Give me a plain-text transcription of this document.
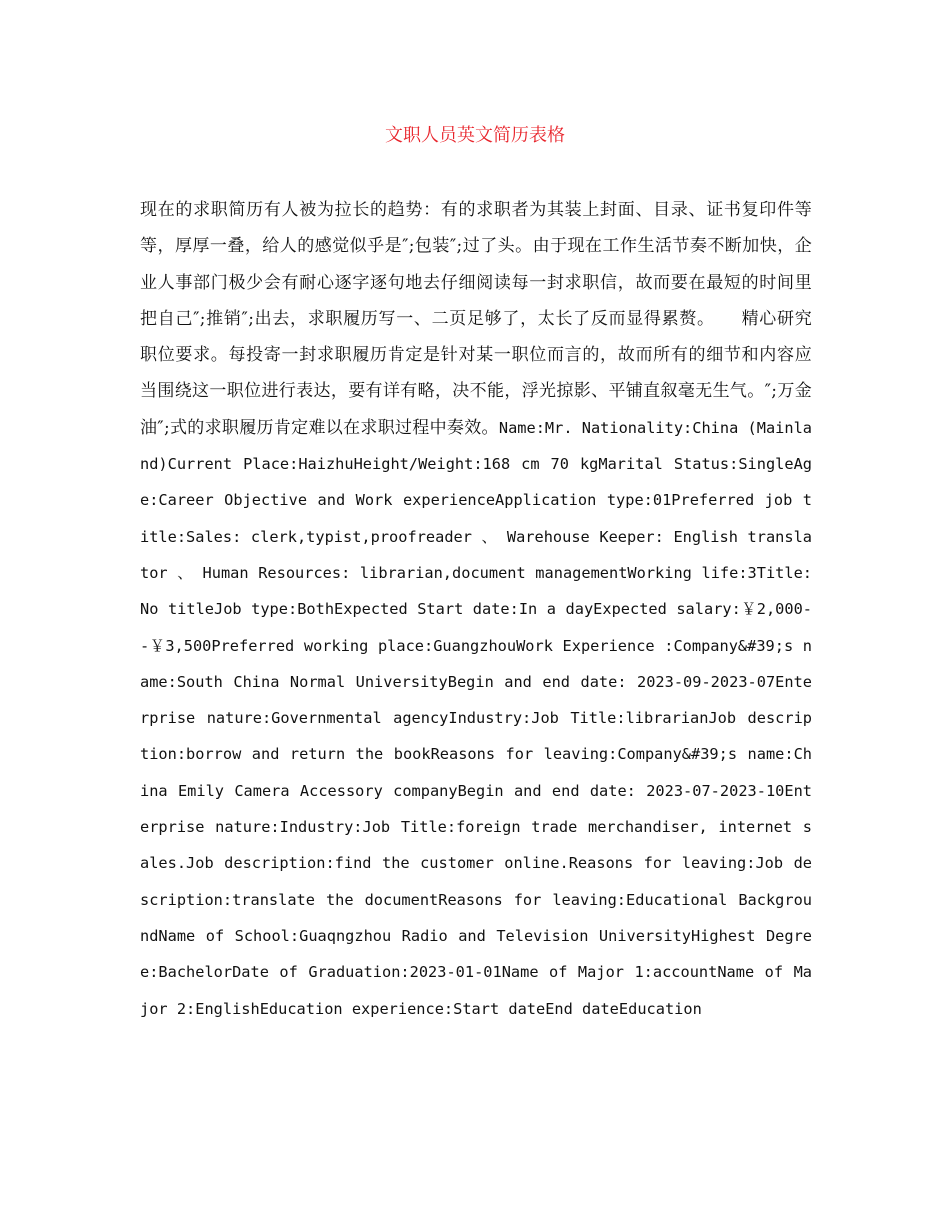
文职人员英文简历表格

现在的求职简历有人被为拉长的趋势：有的求职者为其装上封面、目录、证书复印件等等，厚厚一叠，给人的感觉似乎是″;包装″;过了头。由于现在工作生活节奏不断加快，企业人事部门极少会有耐心逐字逐句地去仔细阅读每一封求职信，故而要在最短的时间里把自己″;推销″;出去，求职履历写一、二页足够了，太长了反而显得累赘。　　精心研究职位要求。每投寄一封求职履历肯定是针对某一职位而言的，故而所有的细节和内容应当围绕这一职位进行表达，要有详有略，决不能，浮光掠影、平铺直叙毫无生气。″;万金油″;式的求职履历肯定难以在求职过程中奏效。Name:Mr. Nationality:China (Mainland)Current Place:HaizhuHeight/Weight:168 cm 70 kgMarital Status:SingleAge:Career Objective and Work experienceApplication type:01Preferred job title:Sales: clerk,typist,proofreader 、 Warehouse Keeper: English translator 、 Human Resources: librarian,document managementWorking life:3Title:No titleJob type:BothExpected Start date:In a dayExpected salary:￥2,000--￥3,500Preferred working place:GuangzhouWork Experience :Company&#39;s name:South China Normal UniversityBegin and end date: 2023-09-2023-07Enterprise nature:Governmental agencyIndustry:Job Title:librarianJob description:borrow and return the bookReasons for leaving:Company&#39;s name:China Emily Camera Accessory companyBegin and end date: 2023-07-2023-10Enterprise nature:Industry:Job Title:foreign trade merchandiser, internet sales.Job description:find the customer online.Reasons for leaving:Job description:translate the documentReasons for leaving:Educational BackgroundName of School:Guaqngzhou Radio and Television UniversityHighest Degree:BachelorDate of Graduation:2023-01-01Name of Major 1:accountName of Major 2:EnglishEducation experience:Start dateEnd dateEducation
